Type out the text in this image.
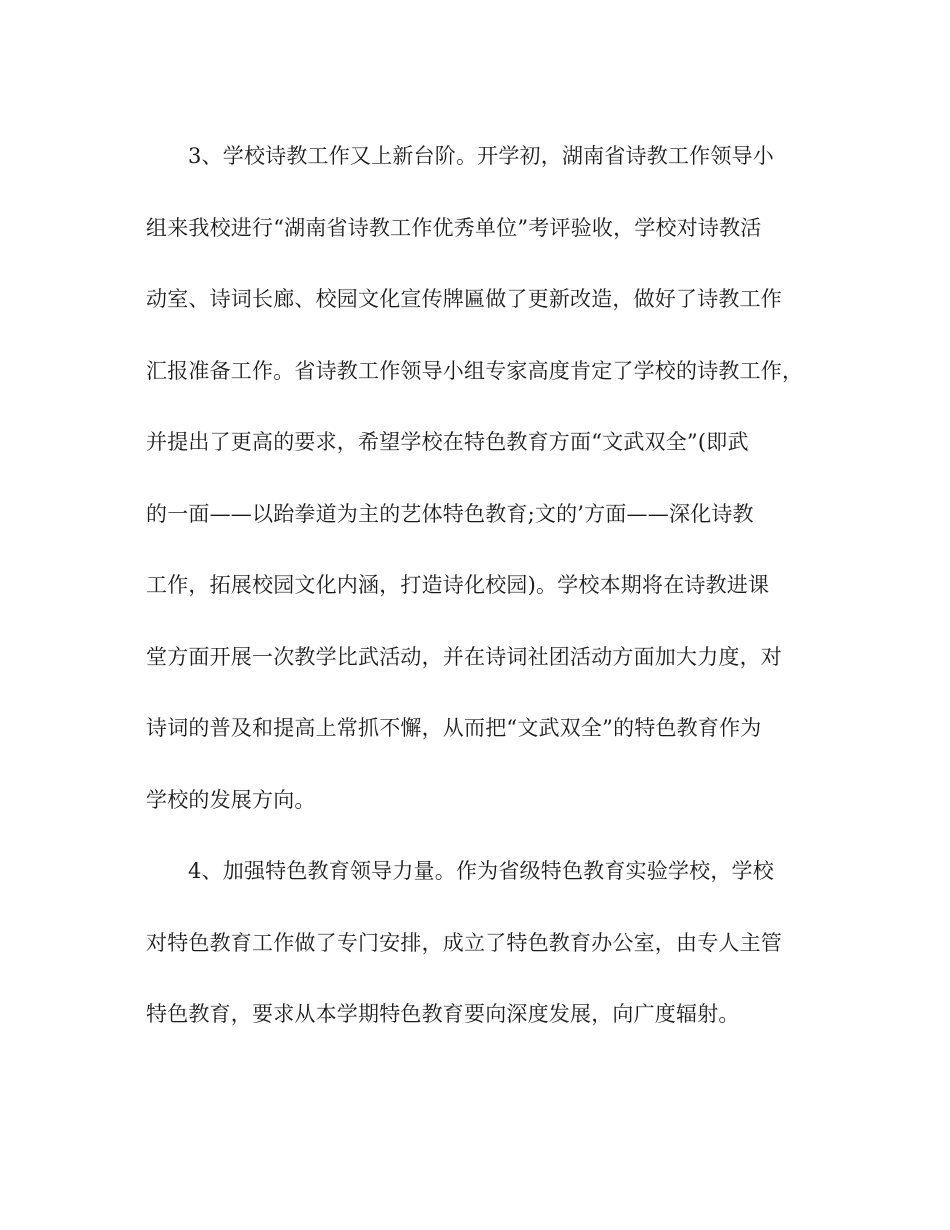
3、学校诗教工作又上新台阶。开学初，湖南省诗教工作领导小
组来我校进行“湖南省诗教工作优秀单位”考评验收，学校对诗教活
动室、诗词长廊、校园文化宣传牌匾做了更新改造，做好了诗教工作
汇报准备工作。省诗教工作领导小组专家高度肯定了学校的诗教工作，
并提出了更高的要求，希望学校在特色教育方面“文武双全”(即武
的一面——以跆拳道为主的艺体特色教育;文的’方面——深化诗教
工作，拓展校园文化内涵，打造诗化校园)。学校本期将在诗教进课
堂方面开展一次教学比武活动，并在诗词社团活动方面加大力度，对
诗词的普及和提高上常抓不懈，从而把“文武双全”的特色教育作为
学校的发展方向。
4、加强特色教育领导力量。作为省级特色教育实验学校，学校
对特色教育工作做了专门安排，成立了特色教育办公室，由专人主管
特色教育，要求从本学期特色教育要向深度发展，向广度辐射。
